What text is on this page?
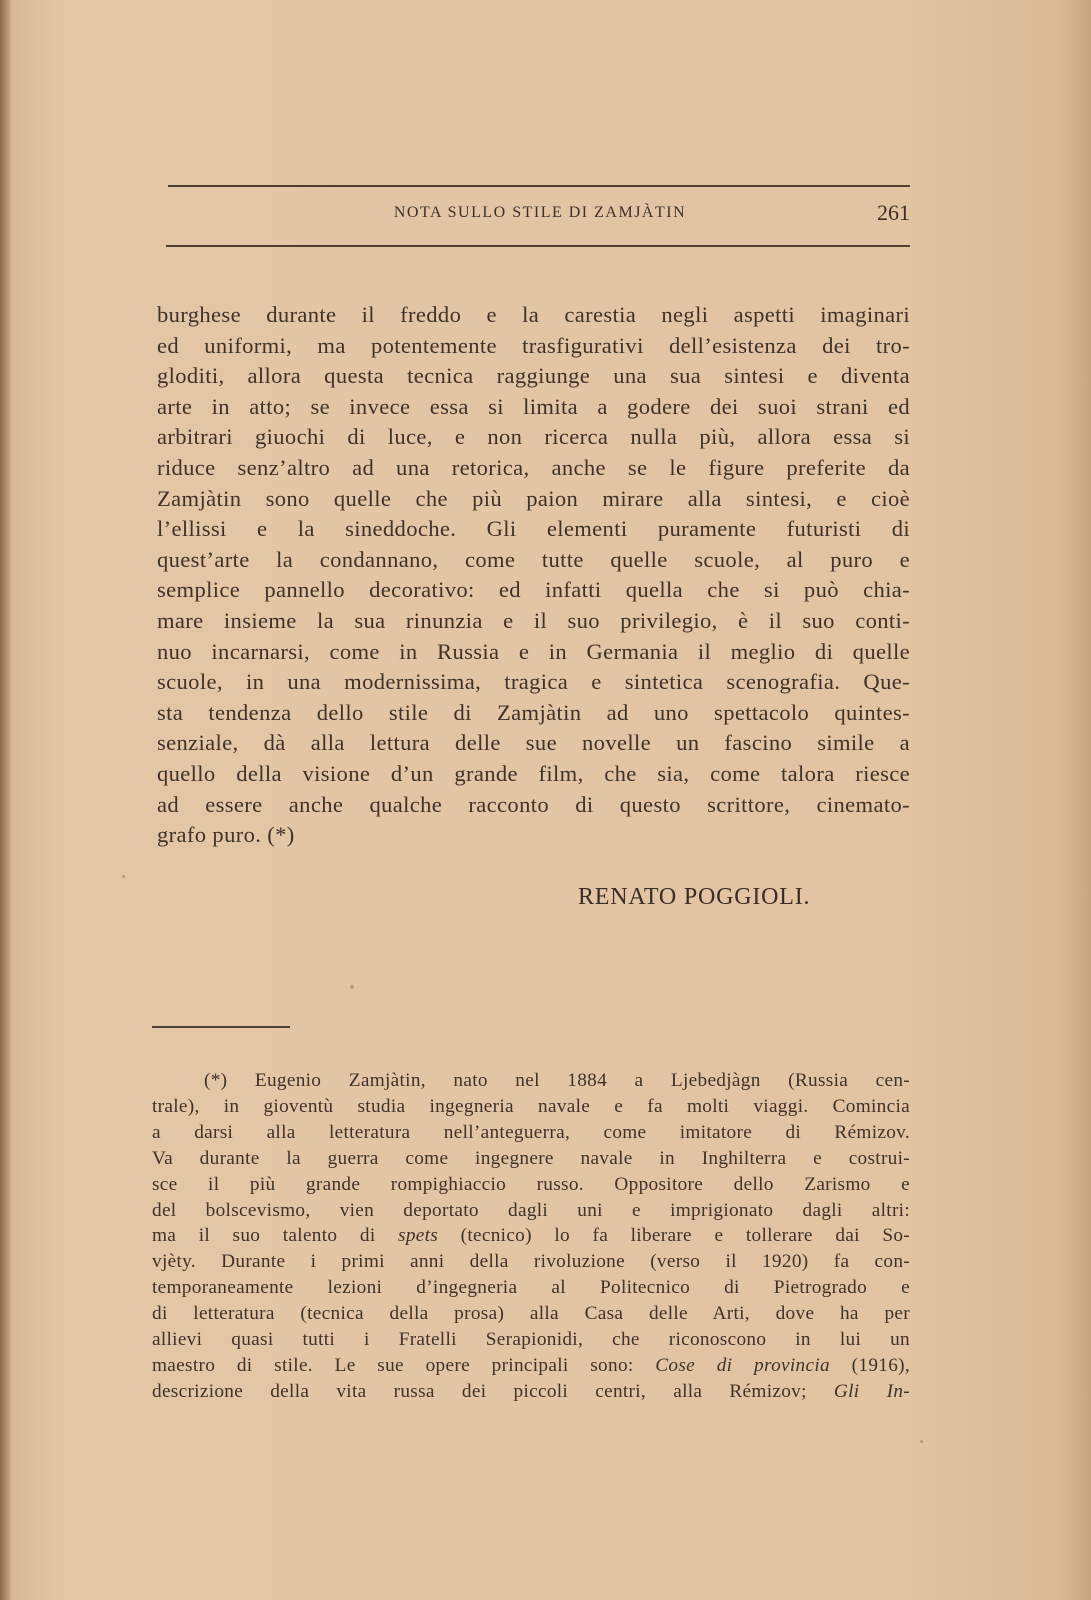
NOTA SULLO STILE DI ZAMJÀTIN	261
burghese durante il freddo e la carestia negli aspetti imaginari
ed uniformi, ma potentemente trasfigurativi dell’esistenza dei tro-
gloditi, allora questa tecnica raggiunge una sua sintesi e diventa
arte in atto; se invece essa si limita a godere dei suoi strani ed
arbitrari giuochi di luce, e non ricerca nulla più, allora essa si
riduce senz’altro ad una retorica, anche se le figure preferite da
Zamjàtin sono quelle che più paion mirare alla sintesi, e cioè
l’ellissi e la sineddoche. Gli elementi puramente futuristi di
quest’arte la condannano, come tutte quelle scuole, al puro e
semplice pannello decorativo: ed infatti quella che si può chia-
mare insieme la sua rinunzia e il suo privilegio, è il suo conti-
nuo incarnarsi, come in Russia e in Germania il meglio di quelle
scuole, in una modernissima, tragica e sintetica scenografia. Que-
sta tendenza dello stile di Zamjàtin ad uno spettacolo quintes-
senziale, dà alla lettura delle sue novelle un fascino simile a
quello della visione d’un grande film, che sia, come talora riesce
ad essere anche qualche racconto di questo scrittore, cinemato-
grafo puro. (*)
RENATO POGGIOLI.
(*) Eugenio Zamjàtin, nato nel 1884 a Ljebedjàgn (Russia cen-
trale), in gioventù studia ingegneria navale e fa molti viaggi. Comincia
a darsi alla letteratura nell’anteguerra, come imitatore di Rémizov.
Va durante la guerra come ingegnere navale in Inghilterra e costrui-
sce il più grande rompighiaccio russo. Oppositore dello Zarismo e
del bolscevismo, vien deportato dagli uni e imprigionato dagli altri:
ma il suo talento di spets (tecnico) lo fa liberare e tollerare dai So-
vjèty. Durante i primi anni della rivoluzione (verso il 1920) fa con-
temporaneamente lezioni d’ingegneria al Politecnico di Pietrogrado e
di letteratura (tecnica della prosa) alla Casa delle Arti, dove ha per
allievi quasi tutti i Fratelli Serapionidi, che riconoscono in lui un
maestro di stile. Le sue opere principali sono: Cose di provincia (1916),
descrizione della vita russa dei piccoli centri, alla Rémizov; Gli In-
